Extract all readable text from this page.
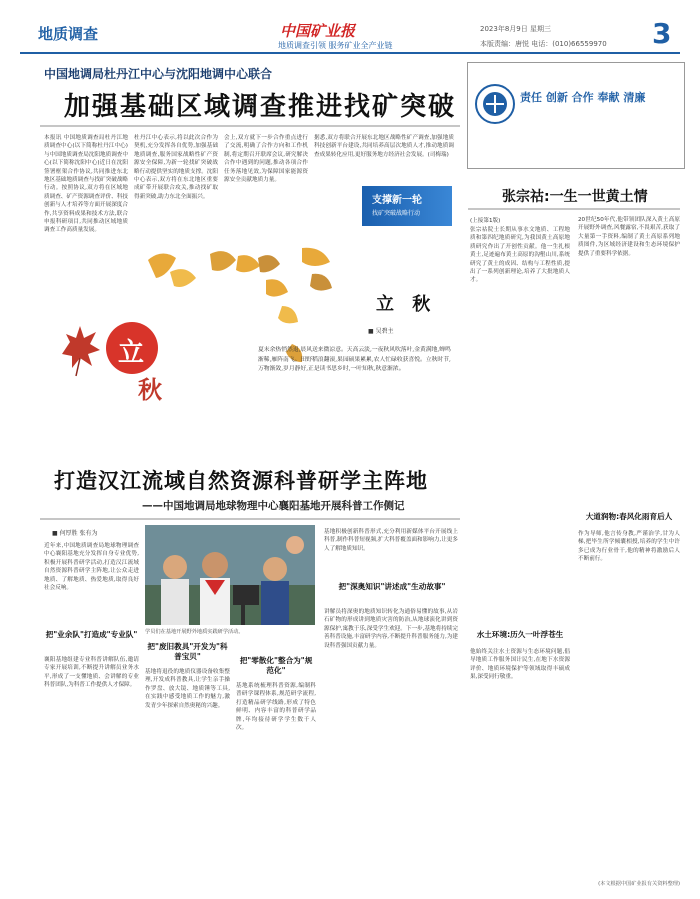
地质调查	中国矿业报
地质调查引领 服务矿业全产业链
2023年8月9日 星期三
本版责编：唐悦 电话：(010)66559970 3
中国地调局杜丹江中心与沈阳地调中心联合
加强基础区域调查推进找矿突破
本报讯 中国地质调查局杜丹江地质调查中心(以下简称杜丹江中心)与中国地质调查局沈阳地质调查中心(以下简称沈阳中心)近日在沈阳签署框架合作协议,共同推进东北地区基础地质调查与找矿突破战略行动。按照协议,双方将在区域地质调查、矿产资源调查评价、科技创新与人才培养等方面开展深度合作,共享资料成果和技术方法,联合申报科研项目,共同推动区域地质调查工作高质量发展。
杜丹江中心表示,将以此次合作为契机,充分发挥各自优势,加强基础地质调查,服务国家战略性矿产资源安全保障,为新一轮找矿突破战略行动提供坚实的地质支撑。沈阳中心表示,双方将在东北地区重要成矿带开展联合攻关,推动找矿取得新突破,助力东北全面振兴。
会上,双方就下一步合作重点进行了交流,明确了合作方向和工作机制,将定期召开联席会议,研究解决合作中遇到的问题,推动各项合作任务落地见效,为保障国家能源资源安全贡献地质力量。
据悉,双方将联合开展东北地区战略性矿产调查,加强地质科技创新平台建设,共同培养高层次地质人才,推动地质调查成果转化应用,更好服务地方经济社会发展。(司梅瑞)
支撑新一轮
找矿突破战略行动
立
秋
立 秋
■ 吴碧主
夏末余热悄然退,晨风送来微凉意。天高云淡,一夜秋风吹落叶,金黄满地,蝉鸣渐稀,雁阵南飞。田野稻浪翻滚,果园硕果累累,农人忙碌收获喜悦。立秋时节,万物渐敛,岁月静好,正是读书思乡时,一叶知秋,秋意渐浓。
打造汉江流域自然资源科普研学主阵地
——中国地调局地球物理中心襄阳基地开展科普工作侧记
■ 何厚胜 张有为
近年来,中国地质调查局地球物理调查中心襄阳基地充分发挥自身专业优势,积极开展科普研学活动,打造汉江流域自然资源科普研学主阵地,让公众走进地质、了解地质、热爱地质,取得良好社会反响。
把"业余队"打造成"专业队"
襄阳基地组建专业科普讲解队伍,邀请专家开展培训,不断提升讲解员业务水平,形成了一支懂地质、会讲解的专业科普团队,为科普工作提供人才保障。
学员们在基地开展野外地质实践研学活动。
把"废旧教具"开发为"科普宝贝"
基地将退役的地质仪器设备收集整理,开发成科普教具,让学生亲手操作罗盘、放大镜、地质锤等工具,在实践中感受地质工作的魅力,激发青少年探索自然奥秘的兴趣。
把"零散化"整合为"规范化"
基地系统梳理科普资源,编制科普研学课程体系,规范研学流程,打造精品研学线路,形成了特色鲜明、内容丰富的科普研学品牌,年均接待研学学生数千人次。
基地积极创新科普形式,充分利用新媒体平台开展线上科普,制作科普短视频,扩大科普覆盖面和影响力,让更多人了解地质知识。
把"深奥知识"讲述成"生动故事"
讲解员将深奥的地质知识转化为通俗易懂的故事,从岩石矿物的形成讲到地质灾害的防治,从地球演化讲到资源保护,寓教于乐,深受学生欢迎。下一步,基地将持续完善科普设施,丰富研学内容,不断提升科普服务能力,为建设科普强国贡献力量。
责任 创新 合作 奉献 清廉
张宗祜:一生一世黄土情
(上接第1版)
张宗祜院士长期从事水文地质、工程地质和第四纪地质研究,为我国黄土高原地质研究作出了开创性贡献。他一生扎根黄土,足迹遍布黄土高原的沟壑山川,系统研究了黄土的成因、结构与工程性质,提出了一系列创新理论,培养了大批地质人才。
20世纪50年代,他带领团队深入黄土高原开展野外调查,风餐露宿,不畏艰苦,获取了大量第一手资料,编制了黄土高原系列地质图件,为区域经济建设和生态环境保护提供了重要科学依据。
大道润物:春风化雨育后人
水土环境:历久一叶浮苍生
他始终关注水土资源与生态环境问题,倡导地质工作服务国计民生,在地下水资源评价、地质环境保护等领域取得丰硕成果,深受同行敬重。
作为导师,他言传身教,严谨治学,甘为人梯,把毕生所学倾囊相授,培养的学生中许多已成为行业骨干,他的精神将激励后人不断前行。
(本文根据中国矿业报有关资料整理)
